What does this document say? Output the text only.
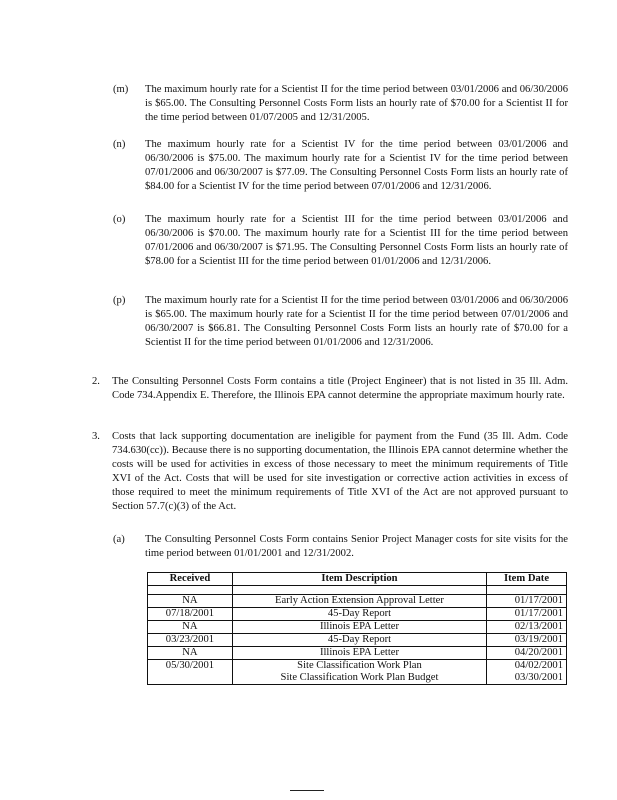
(m)	The maximum hourly rate for a Scientist II for the time period between 03/01/2006 and 06/30/2006 is $65.00. The Consulting Personnel Costs Form lists an hourly rate of $70.00 for a Scientist II for the time period between 01/07/2005 and 12/31/2005.
(n)	The maximum hourly rate for a Scientist IV for the time period between 03/01/2006 and 06/30/2006 is $75.00. The maximum hourly rate for a Scientist IV for the time period between 07/01/2006 and 06/30/2007 is $77.09. The Consulting Personnel Costs Form lists an hourly rate of $84.00 for a Scientist IV for the time period between 07/01/2006 and 12/31/2006.
(o)	The maximum hourly rate for a Scientist III for the time period between 03/01/2006 and 06/30/2006 is $70.00. The maximum hourly rate for a Scientist III for the time period between 07/01/2006 and 06/30/2007 is $71.95. The Consulting Personnel Costs Form lists an hourly rate of $78.00 for a Scientist III for the time period between 01/01/2006 and 12/31/2006.
(p)	The maximum hourly rate for a Scientist II for the time period between 03/01/2006 and 06/30/2006 is $65.00. The maximum hourly rate for a Scientist II for the time period between 07/01/2006 and 06/30/2007 is $66.81. The Consulting Personnel Costs Form lists an hourly rate of $70.00 for a Scientist II for the time period between 01/01/2006 and 12/31/2006.
2.	The Consulting Personnel Costs Form contains a title (Project Engineer) that is not listed in 35 Ill. Adm. Code 734.Appendix E. Therefore, the Illinois EPA cannot determine the appropriate maximum hourly rate.
3.	Costs that lack supporting documentation are ineligible for payment from the Fund (35 Ill. Adm. Code 734.630(cc)). Because there is no supporting documentation, the Illinois EPA cannot determine whether the costs will be used for activities in excess of those necessary to meet the minimum requirements of Title XVI of the Act. Costs that will be used for site investigation or corrective action activities in excess of those required to meet the minimum requirements of Title XVI of the Act are not approved pursuant to Section 57.7(c)(3) of the Act.
(a)	The Consulting Personnel Costs Form contains Senior Project Manager costs for site visits for the time period between 01/01/2001 and 12/31/2002.
Received	Item Description	Item Date

NA	Early Action Extension Approval Letter	01/17/2001
07/18/2001	45-Day Report	01/17/2001
NA	Illinois EPA Letter	02/13/2001
03/23/2001	45-Day Report	03/19/2001
NA	Illinois EPA Letter	04/20/2001
05/30/2001	Site Classification Work Plan	04/02/2001
	Site Classification Work Plan Budget	03/30/2001
